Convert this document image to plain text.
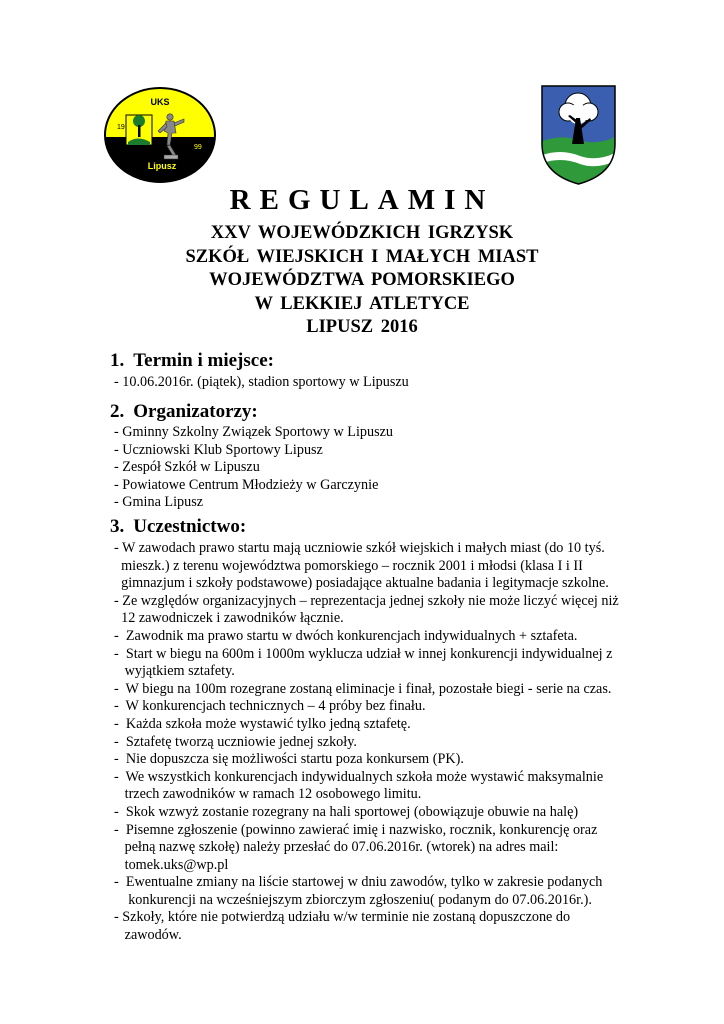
UKS
19
99
Lipusz
REGULAMIN
XXV WOJEWÓDZKICH IGRZYSK
SZKÓŁ WIEJSKICH I MAŁYCH MIAST
WOJEWÓDZTWA POMORSKIEGO
W LEKKIEJ ATLETYCE
LIPUSZ 2016
1. Termin i miejsce:
- 10.06.2016r. (piątek), stadion sportowy w Lipuszu
2. Organizatorzy:
- Gminny Szkolny Związek Sportowy w Lipuszu
- Uczniowski Klub Sportowy Lipusz
- Zespół Szkół w Lipuszu
- Powiatowe Centrum Młodzieży w Garczynie
- Gmina Lipusz
3. Uczestnictwo:
- W zawodach prawo startu mają uczniowie szkół wiejskich i małych miast (do 10 tyś.
mieszk.) z terenu województwa pomorskiego – rocznik 2001 i młodsi (klasa I i II
gimnazjum i szkoły podstawowe) posiadające aktualne badania i legitymacje szkolne.
- Ze względów organizacyjnych – reprezentacja jednej szkoły nie może liczyć więcej niż
12 zawodniczek i zawodników łącznie.
-  Zawodnik ma prawo startu w dwóch konkurencjach indywidualnych + sztafeta.
-  Start w biegu na 600m i 1000m wyklucza udział w innej konkurencji indywidualnej z
wyjątkiem sztafety.
-  W biegu na 100m rozegrane zostaną eliminacje i finał, pozostałe biegi - serie na czas.
-  W konkurencjach technicznych – 4 próby bez finału.
-  Każda szkoła może wystawić tylko jedną sztafetę.
-  Sztafetę tworzą uczniowie jednej szkoły.
-  Nie dopuszcza się możliwości startu poza konkursem (PK).
-  We wszystkich konkurencjach indywidualnych szkoła może wystawić maksymalnie
trzech zawodników w ramach 12 osobowego limitu.
-  Skok wzwyż zostanie rozegrany na hali sportowej (obowiązuje obuwie na halę)
-  Pisemne zgłoszenie (powinno zawierać imię i nazwisko, rocznik, konkurencję oraz
pełną nazwę szkołę) należy przesłać do 07.06.2016r. (wtorek) na adres mail:
tomek.uks@wp.pl
-  Ewentualne zmiany na liście startowej w dniu zawodów, tylko w zakresie podanych
konkurencji na wcześniejszym zbiorczym zgłoszeniu( podanym do 07.06.2016r.).
- Szkoły, które nie potwierdzą udziału w/w terminie nie zostaną dopuszczone do
zawodów.
